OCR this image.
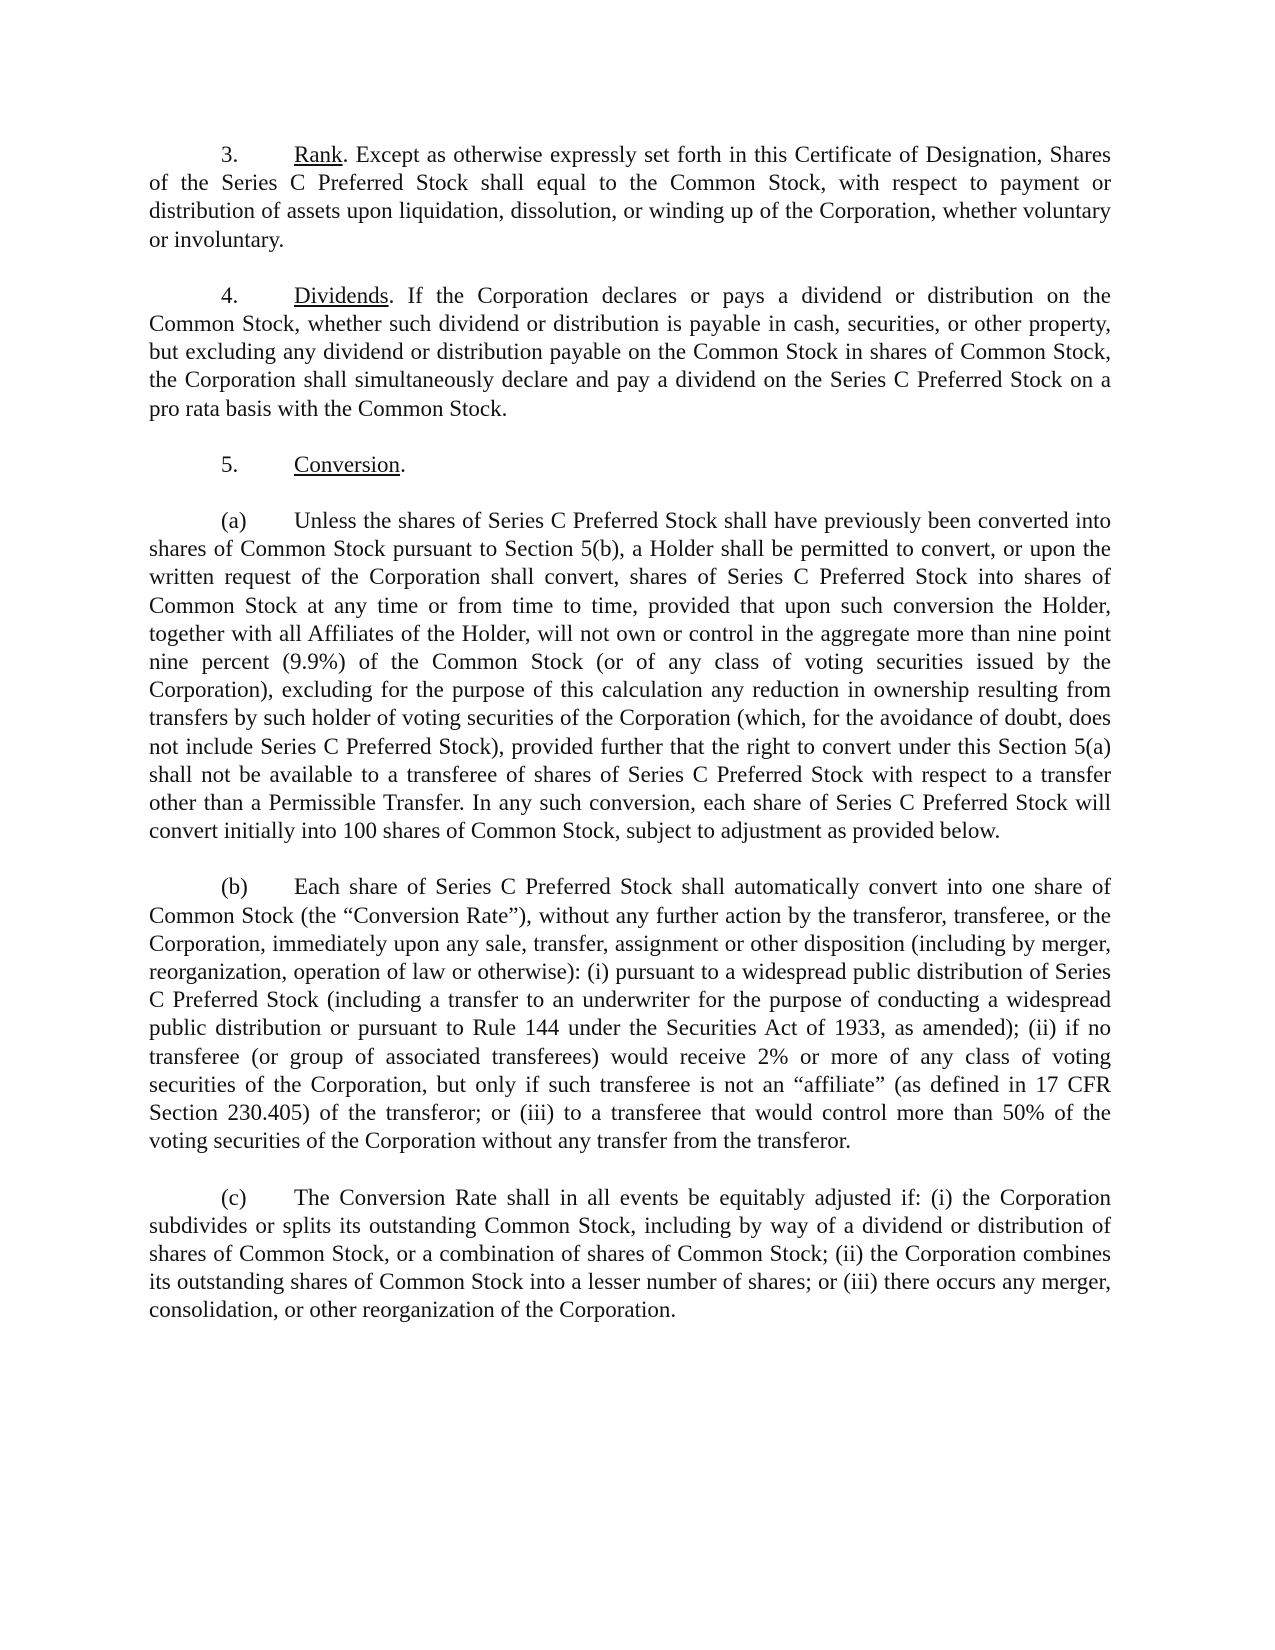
3. Rank. Except as otherwise expressly set forth in this Certificate of Designation, Shares of the Series C Preferred Stock shall equal to the Common Stock, with respect to payment or distribution of assets upon liquidation, dissolution, or winding up of the Corporation, whether voluntary or involuntary.

4. Dividends. If the Corporation declares or pays a dividend or distribution on the Common Stock, whether such dividend or distribution is payable in cash, securities, or other property, but excluding any dividend or distribution payable on the Common Stock in shares of Common Stock, the Corporation shall simultaneously declare and pay a dividend on the Series C Preferred Stock on a pro rata basis with the Common Stock.

5. Conversion.

(a) Unless the shares of Series C Preferred Stock shall have previously been converted into shares of Common Stock pursuant to Section 5(b), a Holder shall be permitted to convert, or upon the written request of the Corporation shall convert, shares of Series C Preferred Stock into shares of Common Stock at any time or from time to time, provided that upon such conversion the Holder, together with all Affiliates of the Holder, will not own or control in the aggregate more than nine point nine percent (9.9%) of the Common Stock (or of any class of voting securities issued by the Corporation), excluding for the purpose of this calculation any reduction in ownership resulting from transfers by such holder of voting securities of the Corporation (which, for the avoidance of doubt, does not include Series C Preferred Stock), provided further that the right to convert under this Section 5(a) shall not be available to a transferee of shares of Series C Preferred Stock with respect to a transfer other than a Permissible Transfer. In any such conversion, each share of Series C Preferred Stock will convert initially into 100 shares of Common Stock, subject to adjustment as provided below.

(b) Each share of Series C Preferred Stock shall automatically convert into one share of Common Stock (the “Conversion Rate”), without any further action by the transferor, transferee, or the Corporation, immediately upon any sale, transfer, assignment or other disposition (including by merger, reorganization, operation of law or otherwise): (i) pursuant to a widespread public distribution of Series C Preferred Stock (including a transfer to an underwriter for the purpose of conducting a widespread public distribution or pursuant to Rule 144 under the Securities Act of 1933, as amended); (ii) if no transferee (or group of associated transferees) would receive 2% or more of any class of voting securities of the Corporation, but only if such transferee is not an “affiliate” (as defined in 17 CFR Section 230.405) of the transferor; or (iii) to a transferee that would control more than 50% of the voting securities of the Corporation without any transfer from the transferor.

(c) The Conversion Rate shall in all events be equitably adjusted if: (i) the Corporation subdivides or splits its outstanding Common Stock, including by way of a dividend or distribution of shares of Common Stock, or a combination of shares of Common Stock; (ii) the Corporation combines its outstanding shares of Common Stock into a lesser number of shares; or (iii) there occurs any merger, consolidation, or other reorganization of the Corporation.
